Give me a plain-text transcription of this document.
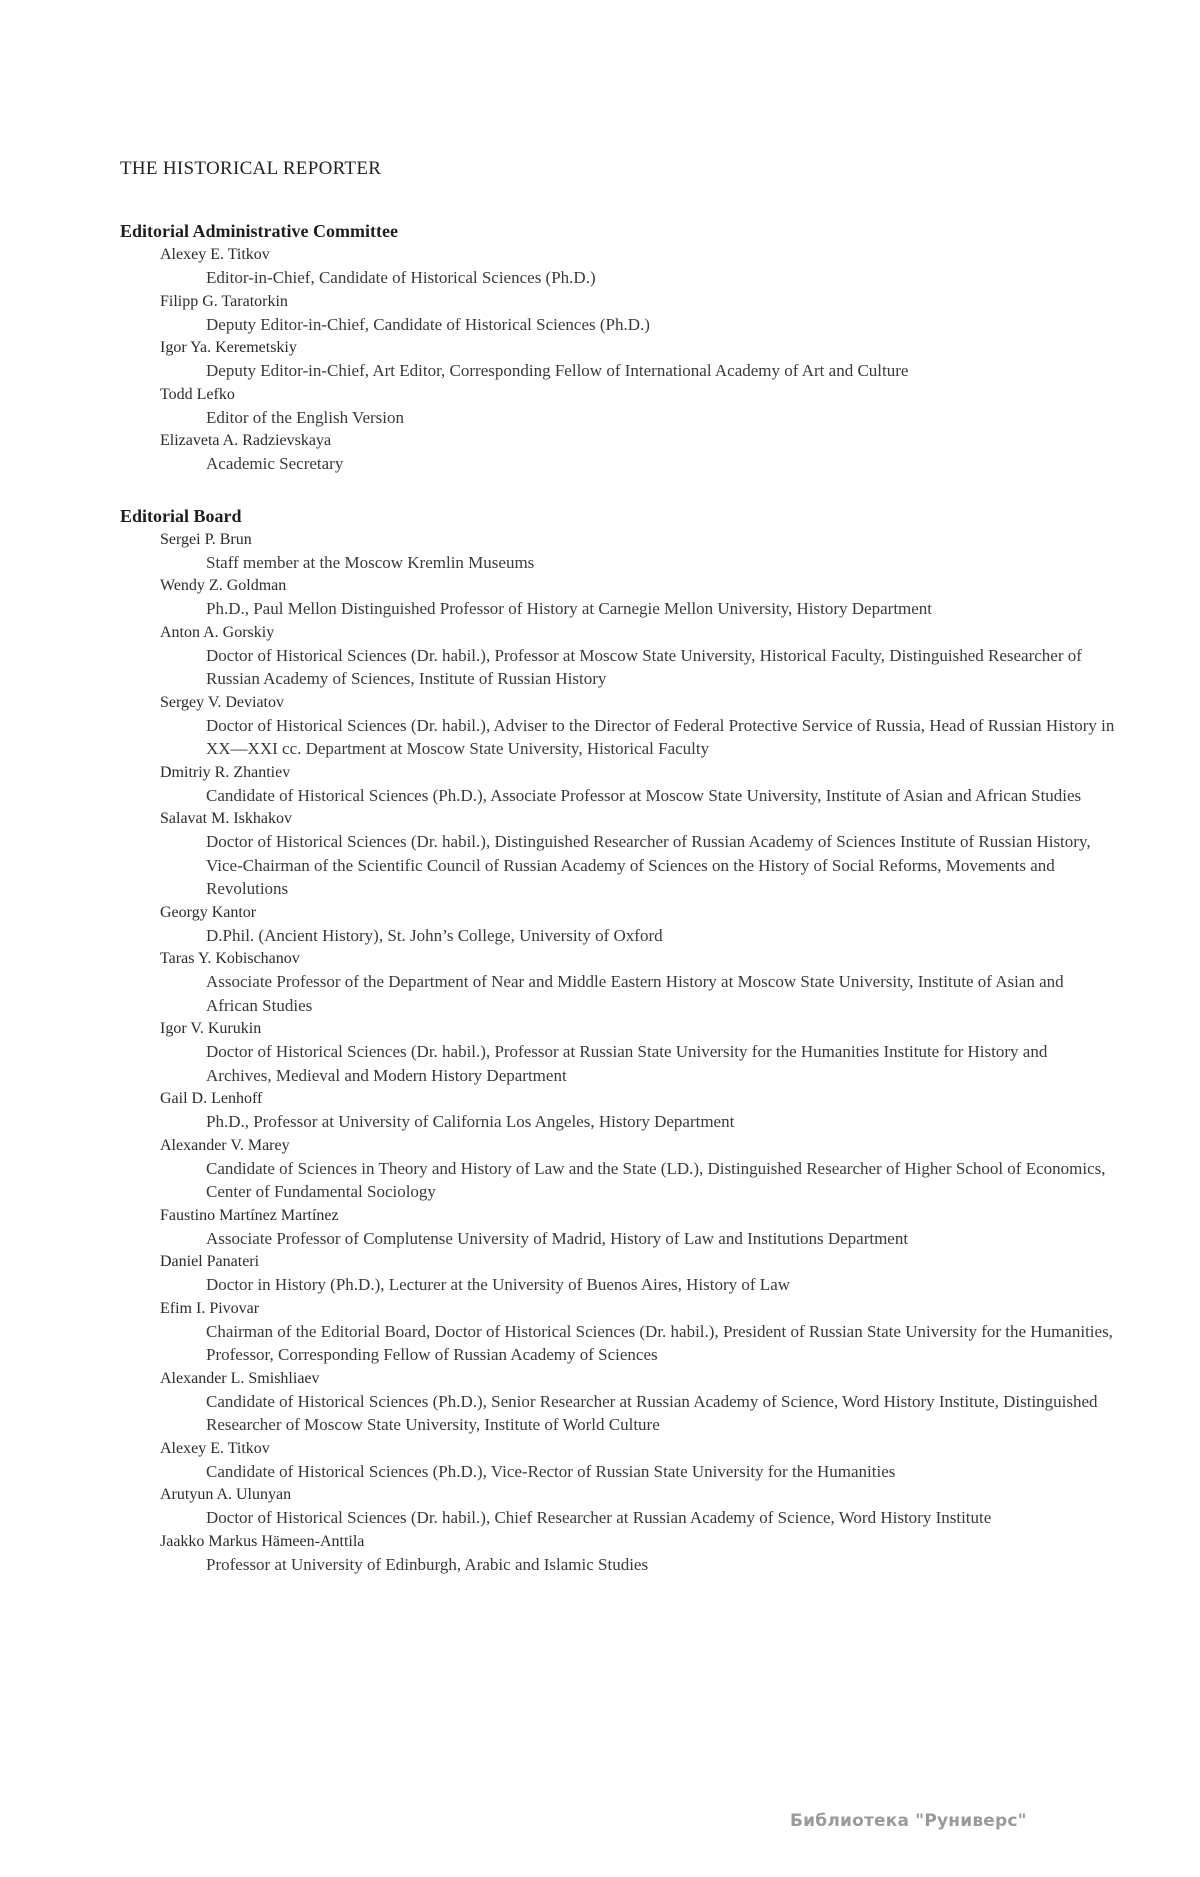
THE HISTORICAL REPORTER
Editorial Administrative Committee
Alexey E. Titkov
Editor-in-Chief, Candidate of Historical Sciences (Ph.D.)
Filipp G. Taratorkin
Deputy Editor-in-Chief, Candidate of Historical Sciences (Ph.D.)
Igor Ya. Keremetskiy
Deputy Editor-in-Chief, Art Editor, Corresponding Fellow of International Academy of Art and Culture
Todd Lefko
Editor of the English Version
Elizaveta A. Radzievskaya
Academic Secretary
Editorial Board
Sergei P. Brun
Staff member at the Moscow Kremlin Museums
Wendy Z. Goldman
Ph.D., Paul Mellon Distinguished Professor of History at Carnegie Mellon University, History Department
Anton A. Gorskiy
Doctor of Historical Sciences (Dr. habil.), Professor at Moscow State University, Historical Faculty, Distinguished Researcher of Russian Academy of Sciences, Institute of Russian History
Sergey V. Deviatov
Doctor of Historical Sciences (Dr. habil.), Adviser to the Director of Federal Protective Service of Russia, Head of Russian History in XX—XXI cc. Department at Moscow State University, Historical Faculty
Dmitriy R. Zhantiev
Candidate of Historical Sciences (Ph.D.), Associate Professor at Moscow State University, Institute of Asian and African Studies
Salavat M. Iskhakov
Doctor of Historical Sciences (Dr. habil.), Distinguished Researcher of Russian Academy of Sciences Institute of Russian History, Vice-Chairman of the Scientific Council of Russian Academy of Sciences on the History of Social Reforms, Movements and Revolutions
Georgy Kantor
D.Phil. (Ancient History), St. John’s College, University of Oxford
Taras Y. Kobischanov
Associate Professor of the Department of Near and Middle Eastern History at Moscow State University, Institute of Asian and African Studies
Igor V. Kurukin
Doctor of Historical Sciences (Dr. habil.), Professor at Russian State University for the Humanities Institute for History and Archives, Medieval and Modern History Department
Gail D. Lenhoff
Ph.D., Professor at University of California Los Angeles, History Department
Alexander V. Marey
Candidate of Sciences in Theory and History of Law and the State (LD.), Distinguished Researcher of Higher School of Economics, Center of Fundamental Sociology
Faustino Martínez Martínez
Associate Professor of Complutense University of Madrid, History of Law and Institutions Department
Daniel Panateri
Doctor in History (Ph.D.), Lecturer at the University of Buenos Aires, History of Law
Efim I. Pivovar
Chairman of the Editorial Board, Doctor of Historical Sciences (Dr. habil.), President of Russian State University for the Humanities, Professor, Corresponding Fellow of Russian Academy of Sciences
Alexander L. Smishliaev
Candidate of Historical Sciences (Ph.D.), Senior Researcher at Russian Academy of Science, Word History Institute, Distinguished Researcher of Moscow State University, Institute of World Culture
Alexey E. Titkov
Candidate of Historical Sciences (Ph.D.), Vice-Rector of Russian State University for the Humanities
Arutyun A. Ulunyan
Doctor of Historical Sciences (Dr. habil.), Chief Researcher at Russian Academy of Science, Word History Institute
Jaakko Markus Hämeen-Anttila
Professor at University of Edinburgh, Arabic and Islamic Studies
Библиотека "Руниверс"
